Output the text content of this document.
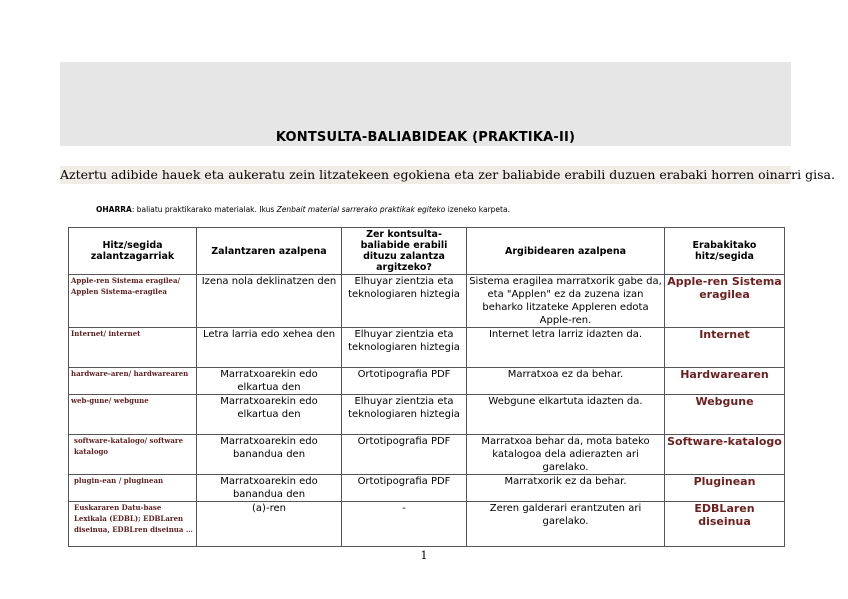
KONTSULTA-BALIABIDEAK (PRAKTIKA-II)
Aztertu adibide hauek eta aukeratu zein litzatekeen egokiena eta zer baliabide erabili duzuen erabaki horren oinarri gisa.
OHARRA: baliatu praktikarako materialak. Ikus Zenbait material sarrerako praktikak egiteko izeneko karpeta.
Hitz/segida zalantzagarriak	Zalantzaren azalpena	Zer kontsulta-baliabide erabili dituzu zalantza argitzeko?	Argibidearen azalpena	Erabakitako hitz/segida
Apple-ren Sistema eragilea/ Applen Sistema-eragilea	Izena nola deklinatzen den	Elhuyar zientzia eta teknologiaren hiztegia	Sistema eragilea marratxorik gabe da, eta "Applen" ez da zuzena izan beharko litzateke Appleren edota Apple-ren.	Apple-ren Sistema eragilea
Internet/ internet	Letra larria edo xehea den	Elhuyar zientzia eta teknologiaren hiztegia	Internet letra larriz idazten da.	Internet
hardware-aren/ hardwarearen	Marratxoarekin edo elkartua den	Ortotipografia PDF	Marratxoa ez da behar.	Hardwarearen
web-gune/ webgune	Marratxoarekin edo elkartua den	Elhuyar zientzia eta teknologiaren hiztegia	Webgune elkartuta idazten da.	Webgune
software-katalogo/ software katalogo	Marratxoarekin edo banandua den	Ortotipografia PDF	Marratxoa behar da, mota bateko katalogoa dela adierazten ari garelako.	Software-katalogo
plugin-ean / pluginean	Marratxoarekin edo banandua den	Ortotipografia PDF	Marratxorik ez da behar.	Pluginean
Euskararen Datu-base Lexikala (EDBL); EDBLaren diseinua, EDBLren diseinua …	(a)-ren	-	Zeren galderari erantzuten ari garelako.	EDBLaren diseinua
1
